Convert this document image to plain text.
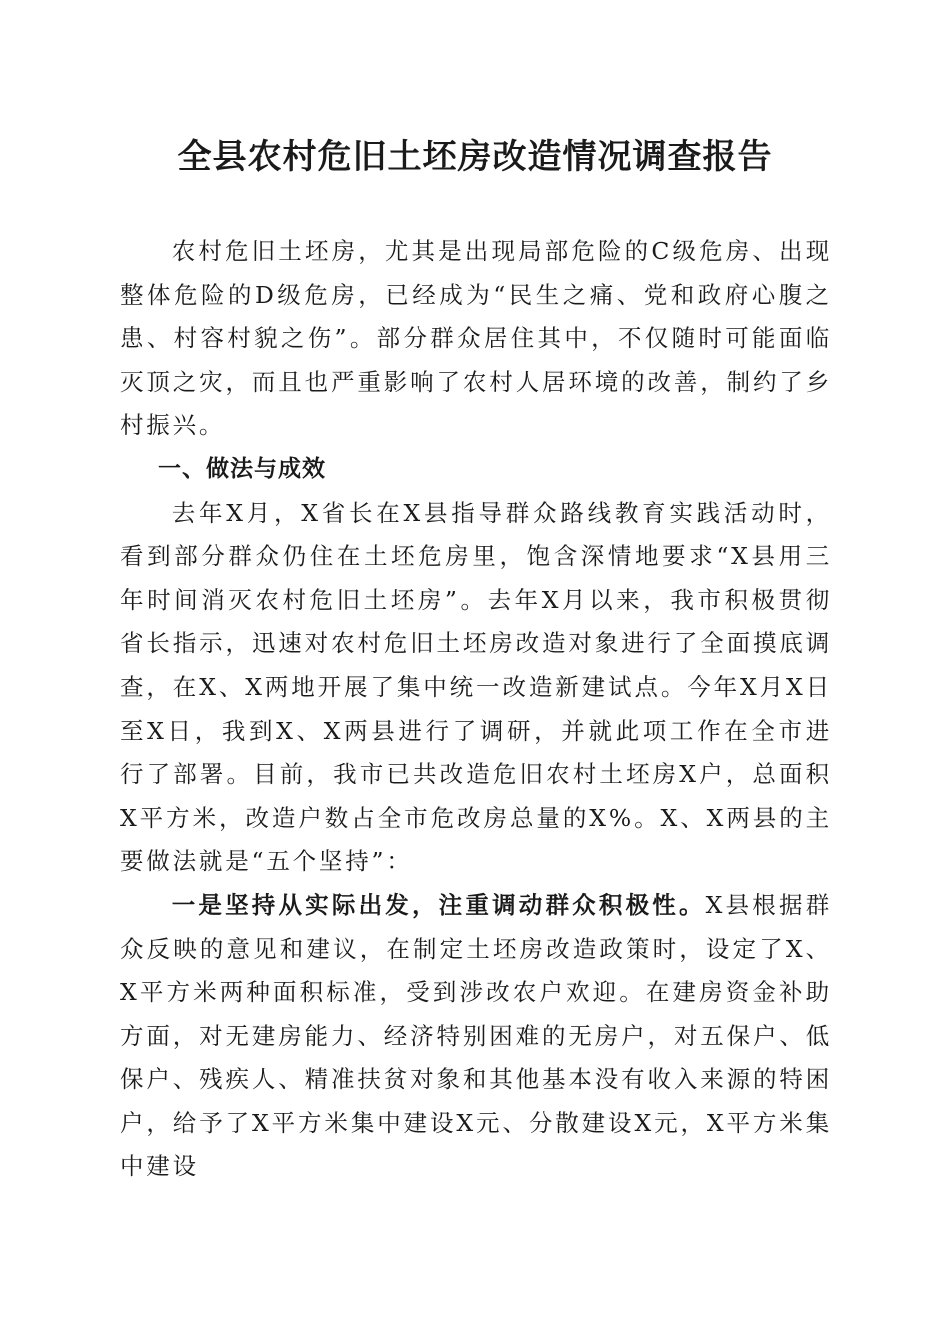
全县农村危旧土坯房改造情况调查报告

农村危旧土坯房，尤其是出现局部危险的C级危房、出现整体危险的D级危房，已经成为“民生之痛、党和政府心腹之患、村容村貌之伤”。部分群众居住其中，不仅随时可能面临灭顶之灾，而且也严重影响了农村人居环境的改善，制约了乡村振兴。

一、做法与成效

去年X月，X省长在X县指导群众路线教育实践活动时，看到部分群众仍住在土坯危房里，饱含深情地要求“X县用三年时间消灭农村危旧土坯房”。去年X月以来，我市积极贯彻省长指示，迅速对农村危旧土坯房改造对象进行了全面摸底调查，在X、X两地开展了集中统一改造新建试点。今年X月X日至X日，我到X、X两县进行了调研，并就此项工作在全市进行了部署。目前，我市已共改造危旧农村土坯房X户，总面积X平方米，改造户数占全市危改房总量的X%。X、X两县的主要做法就是“五个坚持”：

一是坚持从实际出发，注重调动群众积极性。X县根据群众反映的意见和建议，在制定土坯房改造政策时，设定了X、X平方米两种面积标准，受到涉改农户欢迎。在建房资金补助方面，对无建房能力、经济特别困难的无房户，对五保户、低保户、残疾人、精准扶贫对象和其他基本没有收入来源的特困户，给予了X平方米集中建设X元、分散建设X元，X平方米集中建设
